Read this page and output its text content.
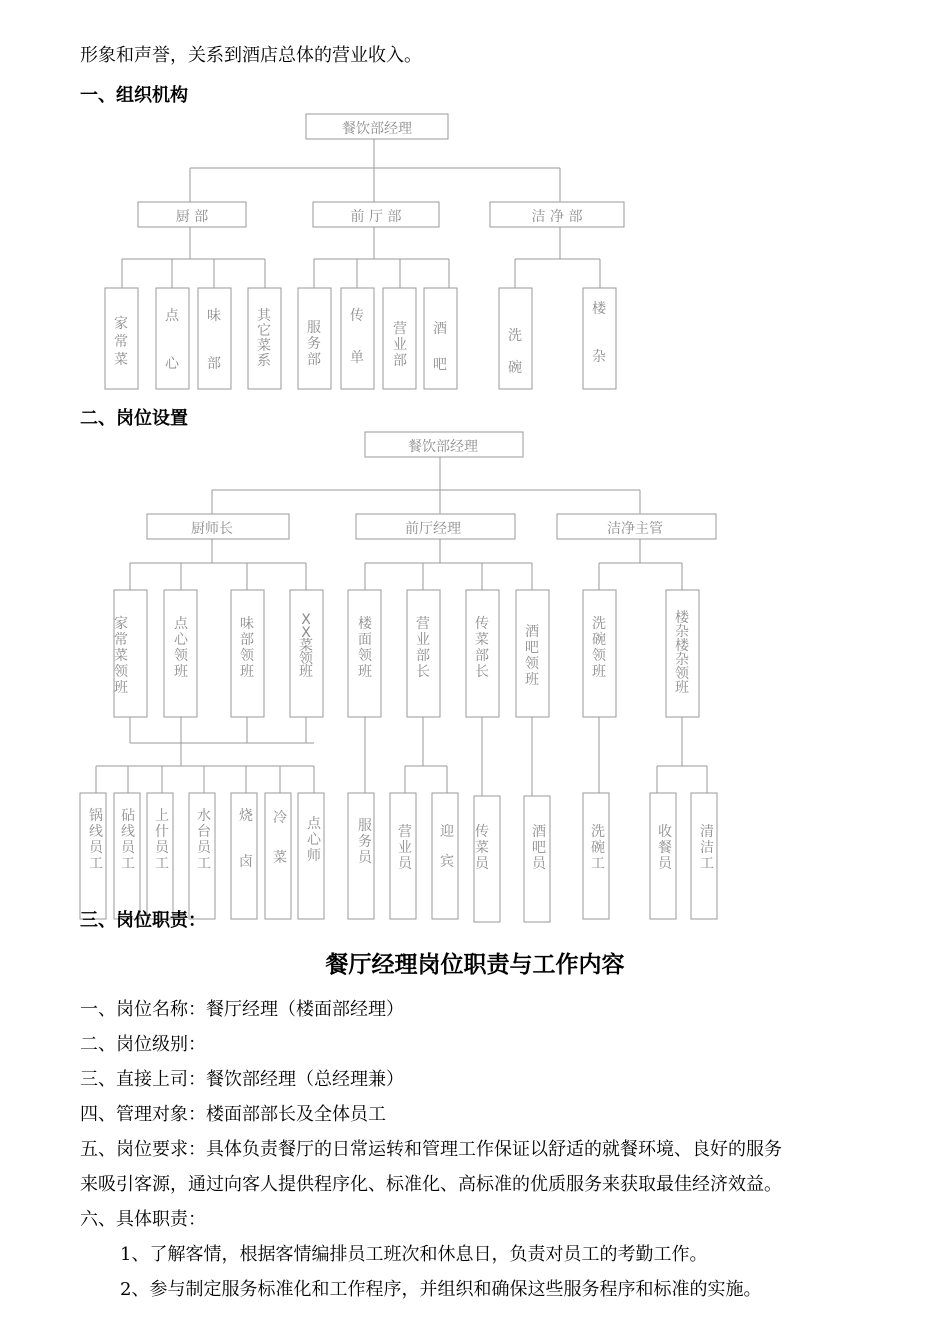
形象和声誉，关系到酒店总体的营业收入。
一、组织机构
餐饮部经理
厨 部	前 厅 部	洁 净 部
家常菜
点心
味部
其它菜系
服务部
传单
营业部
酒吧
洗碗
楼杂
二、岗位设置
餐饮部经理
厨师长	前厅经理	洁净主管
家常菜领班
点心领班
味部领班
X X 菜领班
楼面领班
营业部长
传菜部长
酒吧领班
洗碗领班
楼杂楼杂领班
锅线员工
砧线员工
上什员工
水台员工
烧卤
冷菜
点心师
服务员
营业员
迎宾
传菜员
酒吧员
洗碗工
收餐员
清洁工
三、岗位职责：
餐厅经理岗位职责与工作内容
一、岗位名称：餐厅经理（楼面部经理）
二、岗位级别：
三、直接上司：餐饮部经理（总经理兼）
四、管理对象：楼面部部长及全体员工
五、岗位要求：具体负责餐厅的日常运转和管理工作保证以舒适的就餐环境、良好的服务
来吸引客源，通过向客人提供程序化、标准化、高标准的优质服务来获取最佳经济效益。
六、具体职责：
1、了解客情，根据客情编排员工班次和休息日，负责对员工的考勤工作。
2、参与制定服务标准化和工作程序，并组织和确保这些服务程序和标准的实施。
